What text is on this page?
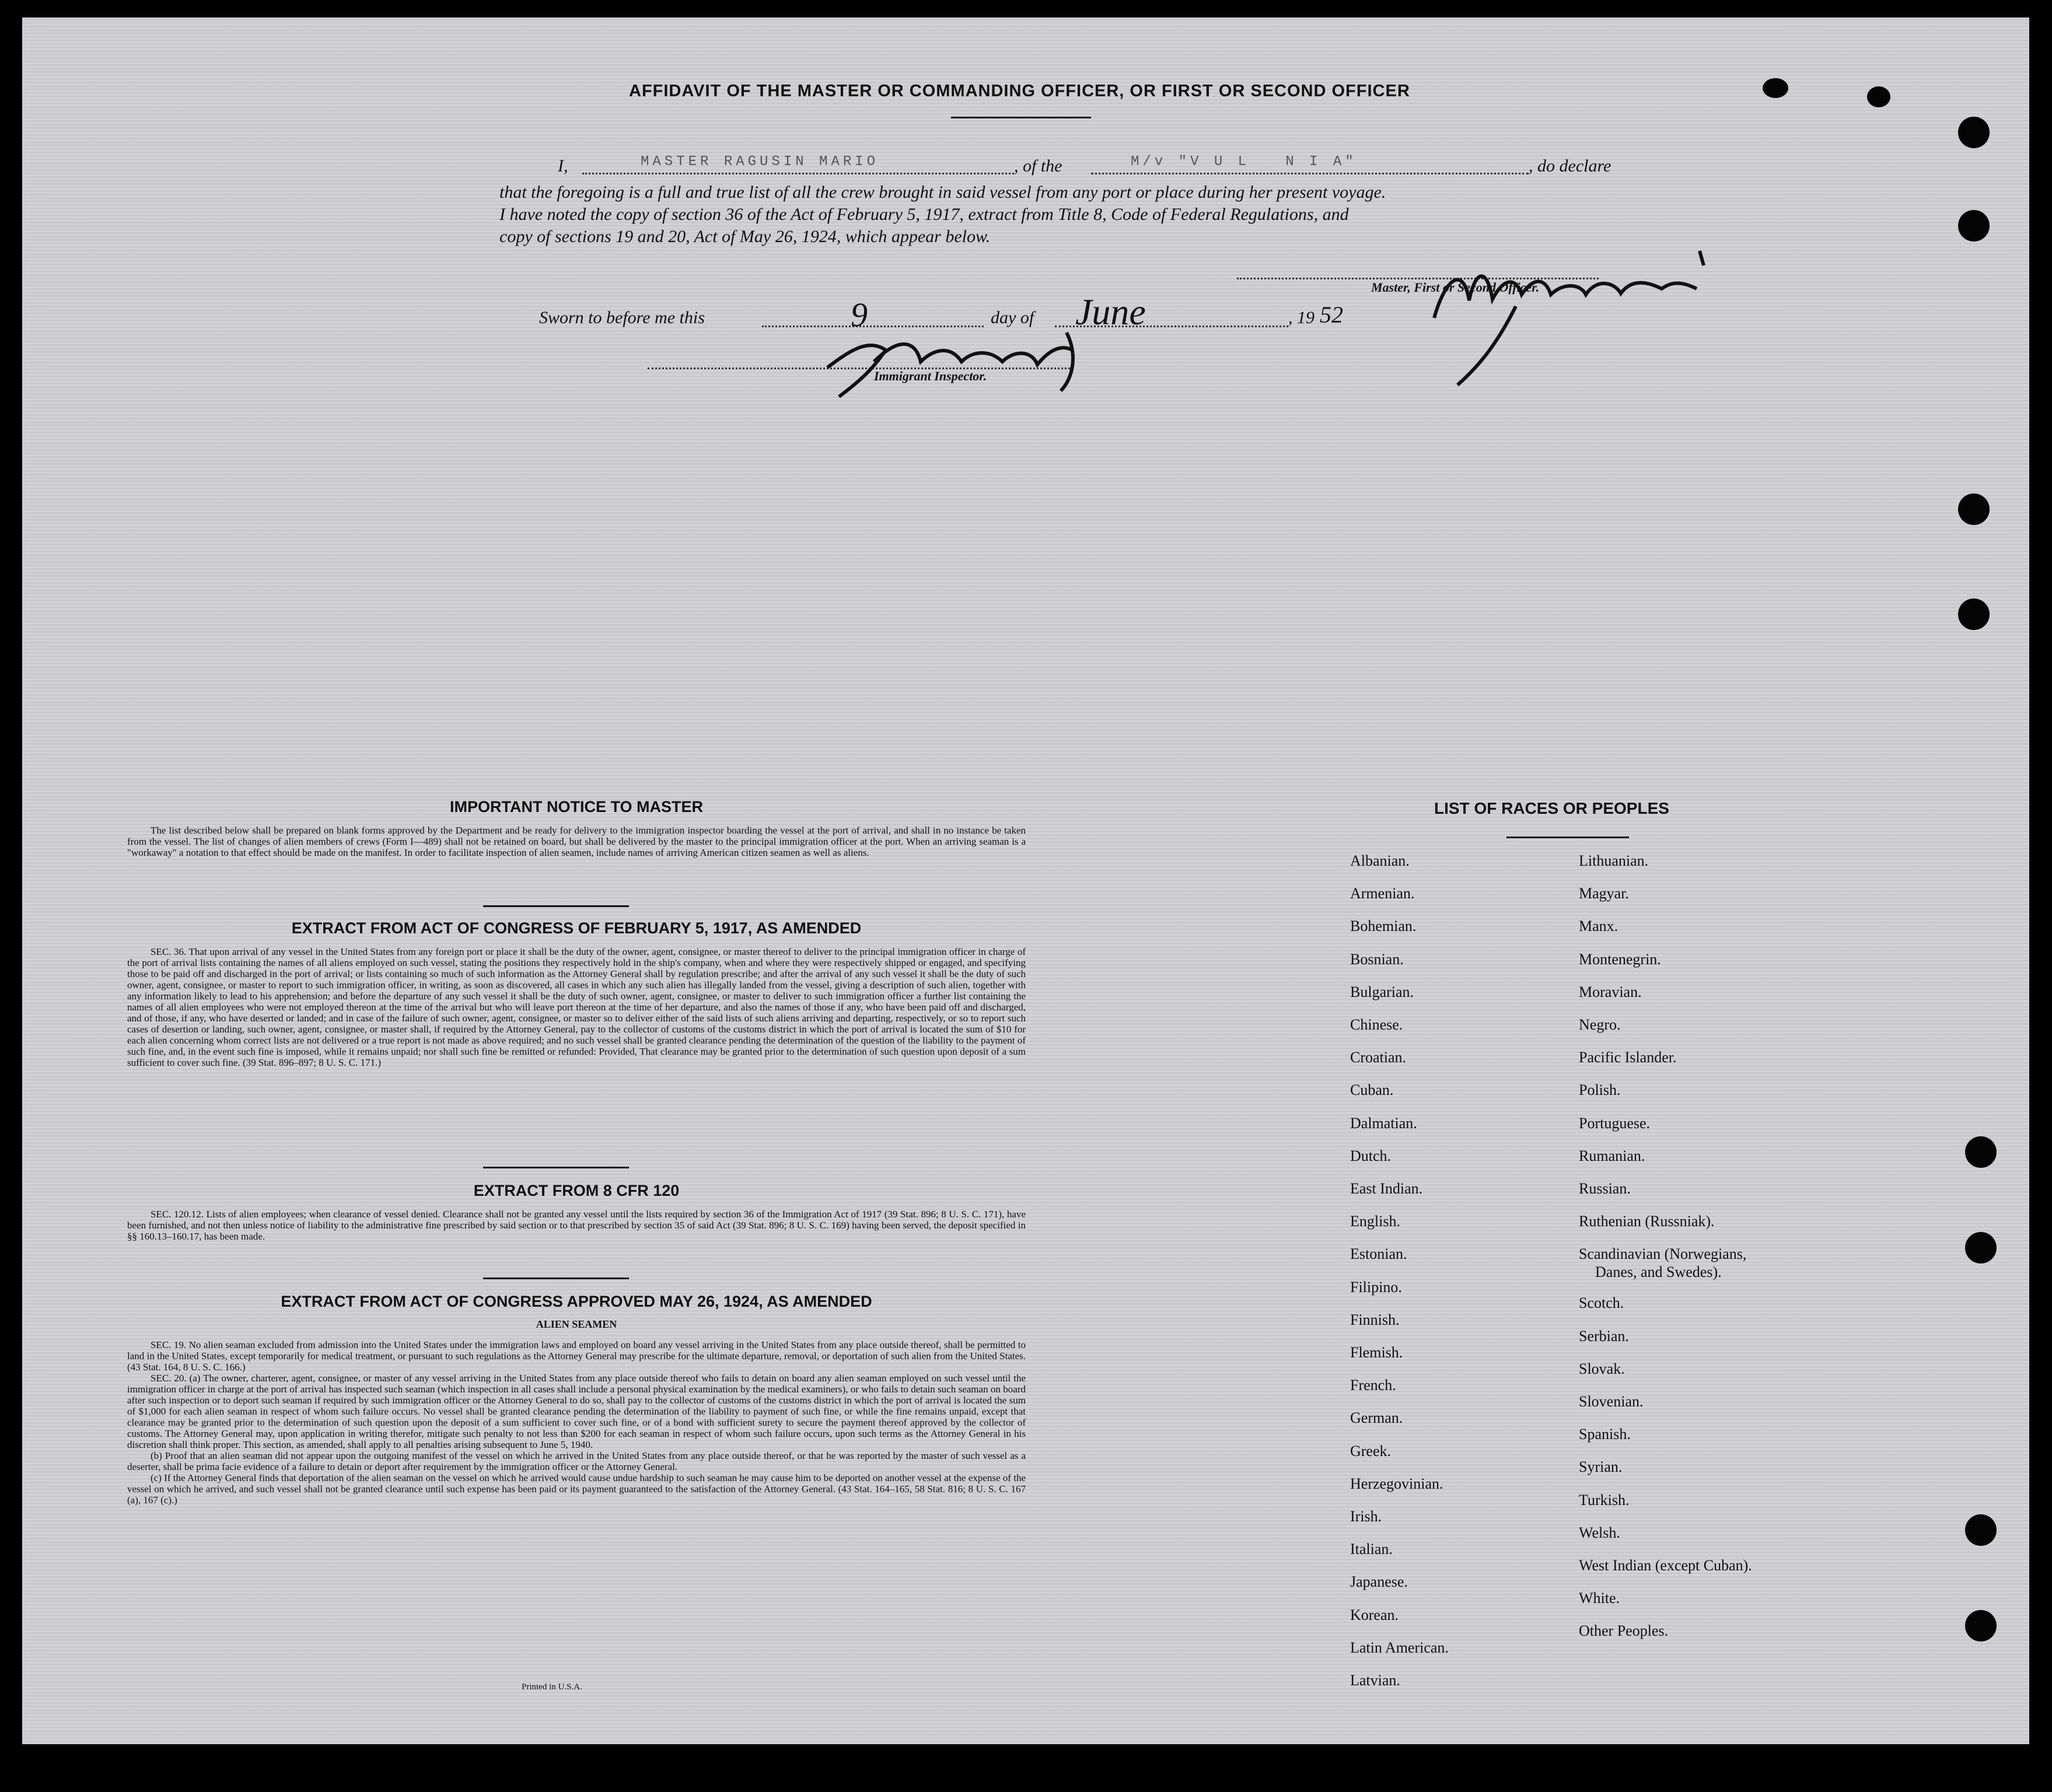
AFFIDAVIT OF THE MASTER OR COMMANDING OFFICER, OR FIRST OR SECOND OFFICER
I,	MASTER RAGUSIN MARIO	, of the	M/v "V U L   N I A"	, do declare
that the foregoing is a full and true list of all the crew brought in said vessel from any port or place during her present voyage.
I have noted the copy of section 36 of the Act of February 5, 1917, extract from Title 8, Code of Federal Regulations, and
copy of sections 19 and 20, Act of May 26, 1924, which appear below.
Master, First or Second Officer.
Sworn to before me this	9	day of June	, 19 52
Immigrant Inspector.
IMPORTANT NOTICE TO MASTER

The list described below shall be prepared on blank forms approved by the Department and be ready for delivery to the immigration inspector boarding the vessel at the port of arrival, and shall in no instance be taken from the vessel. The list of changes of alien members of crews (Form I—489) shall not be retained on board, but shall be delivered by the master to the principal immigration officer at the port. When an arriving seaman is a "workaway" a notation to that effect should be made on the manifest. In order to facilitate inspection of alien seamen, include names of arriving American citizen seamen as well as aliens.

EXTRACT FROM ACT OF CONGRESS OF FEBRUARY 5, 1917, AS AMENDED

SEC. 36. That upon arrival of any vessel in the United States from any foreign port or place it shall be the duty of the owner, agent, consignee, or master thereof to deliver to the principal immigration officer in charge of the port of arrival lists containing the names of all aliens employed on such vessel, stating the positions they respectively hold in the ship's company, when and where they were respectively shipped or engaged, and specifying those to be paid off and discharged in the port of arrival; or lists containing so much of such information as the Attorney General shall by regulation prescribe; and after the arrival of any such vessel it shall be the duty of such owner, agent, consignee, or master to report to such immigration officer, in writing, as soon as discovered, all cases in which any such alien has illegally landed from the vessel, giving a description of such alien, together with any information likely to lead to his apprehension; and before the departure of any such vessel it shall be the duty of such owner, agent, consignee, or master to deliver to such immigration officer a further list containing the names of all alien employees who were not employed thereon at the time of the arrival but who will leave port thereon at the time of her departure, and also the names of those if any, who have been paid off and discharged, and of those, if any, who have deserted or landed; and in case of the failure of such owner, agent, consignee, or master so to deliver either of the said lists of such aliens arriving and departing, respectively, or so to report such cases of desertion or landing, such owner, agent, consignee, or master shall, if required by the Attorney General, pay to the collector of customs of the customs district in which the port of arrival is located the sum of $10 for each alien concerning whom correct lists are not delivered or a true report is not made as above required; and no such vessel shall be granted clearance pending the determination of the question of the liability to the payment of such fine, and, in the event such fine is imposed, while it remains unpaid; nor shall such fine be remitted or refunded: Provided, That clearance may be granted prior to the determination of such question upon deposit of a sum sufficient to cover such fine. (39 Stat. 896–897; 8 U. S. C. 171.)

EXTRACT FROM 8 CFR 120

SEC. 120.12. Lists of alien employees; when clearance of vessel denied. Clearance shall not be granted any vessel until the lists required by section 36 of the Immigration Act of 1917 (39 Stat. 896; 8 U. S. C. 171), have been furnished, and not then unless notice of liability to the administrative fine prescribed by said section or to that prescribed by section 35 of said Act (39 Stat. 896; 8 U. S. C. 169) having been served, the deposit specified in §§ 160.13–160.17, has been made.

EXTRACT FROM ACT OF CONGRESS APPROVED MAY 26, 1924, AS AMENDED
ALIEN SEAMEN

SEC. 19. No alien seaman excluded from admission into the United States under the immigration laws and employed on board any vessel arriving in the United States from any place outside thereof, shall be permitted to land in the United States, except temporarily for medical treatment, or pursuant to such regulations as the Attorney General may prescribe for the ultimate departure, removal, or deportation of such alien from the United States. (43 Stat. 164, 8 U. S. C. 166.)

SEC. 20. (a) The owner, charterer, agent, consignee, or master of any vessel arriving in the United States from any place outside thereof who fails to detain on board any alien seaman employed on such vessel until the immigration officer in charge at the port of arrival has inspected such seaman (which inspection in all cases shall include a personal physical examination by the medical examiners), or who fails to detain such seaman on board after such inspection or to deport such seaman if required by such immigration officer or the Attorney General to do so, shall pay to the collector of customs of the customs district in which the port of arrival is located the sum of $1,000 for each alien seaman in respect of whom such failure occurs. No vessel shall be granted clearance pending the determination of the liability to payment of such fine, or while the fine remains unpaid, except that clearance may be granted prior to the determination of such question upon the deposit of a sum sufficient to cover such fine, or of a bond with sufficient surety to secure the payment thereof approved by the collector of customs. The Attorney General may, upon application in writing therefor, mitigate such penalty to not less than $200 for each seaman in respect of whom such failure occurs, upon such terms as the Attorney General in his discretion shall think proper. This section, as amended, shall apply to all penalties arising subsequent to June 5, 1940.

(b) Proof that an alien seaman did not appear upon the outgoing manifest of the vessel on which he arrived in the United States from any place outside thereof, or that he was reported by the master of such vessel as a deserter, shall be prima facie evidence of a failure to detain or deport after requirement by the immigration officer or the Attorney General.

(c) If the Attorney General finds that deportation of the alien seaman on the vessel on which he arrived would cause undue hardship to such seaman he may cause him to be deported on another vessel at the expense of the vessel on which he arrived, and such vessel shall not be granted clearance until such expense has been paid or its payment guaranteed to the satisfaction of the Attorney General. (43 Stat. 164–165, 58 Stat. 816; 8 U. S. C. 167 (a), 167 (c).)

Printed in U.S.A.
LIST OF RACES OR PEOPLES
Albanian.
Armenian.
Bohemian.
Bosnian.
Bulgarian.
Chinese.
Croatian.
Cuban.
Dalmatian.
Dutch.
East Indian.
English.
Estonian.
Filipino.
Finnish.
Flemish.
French.
German.
Greek.
Herzegovinian.
Irish.
Italian.
Japanese.
Korean.
Latin American.
Latvian.
Lithuanian.
Magyar.
Manx.
Montenegrin.
Moravian.
Negro.
Pacific Islander.
Polish.
Portuguese.
Rumanian.
Russian.
Ruthenian (Russniak).
Scandinavian (Norwegians,
Danes, and Swedes).
Scotch.
Serbian.
Slovak.
Slovenian.
Spanish.
Syrian.
Turkish.
Welsh.
West Indian (except Cuban).
White.
Other Peoples.
